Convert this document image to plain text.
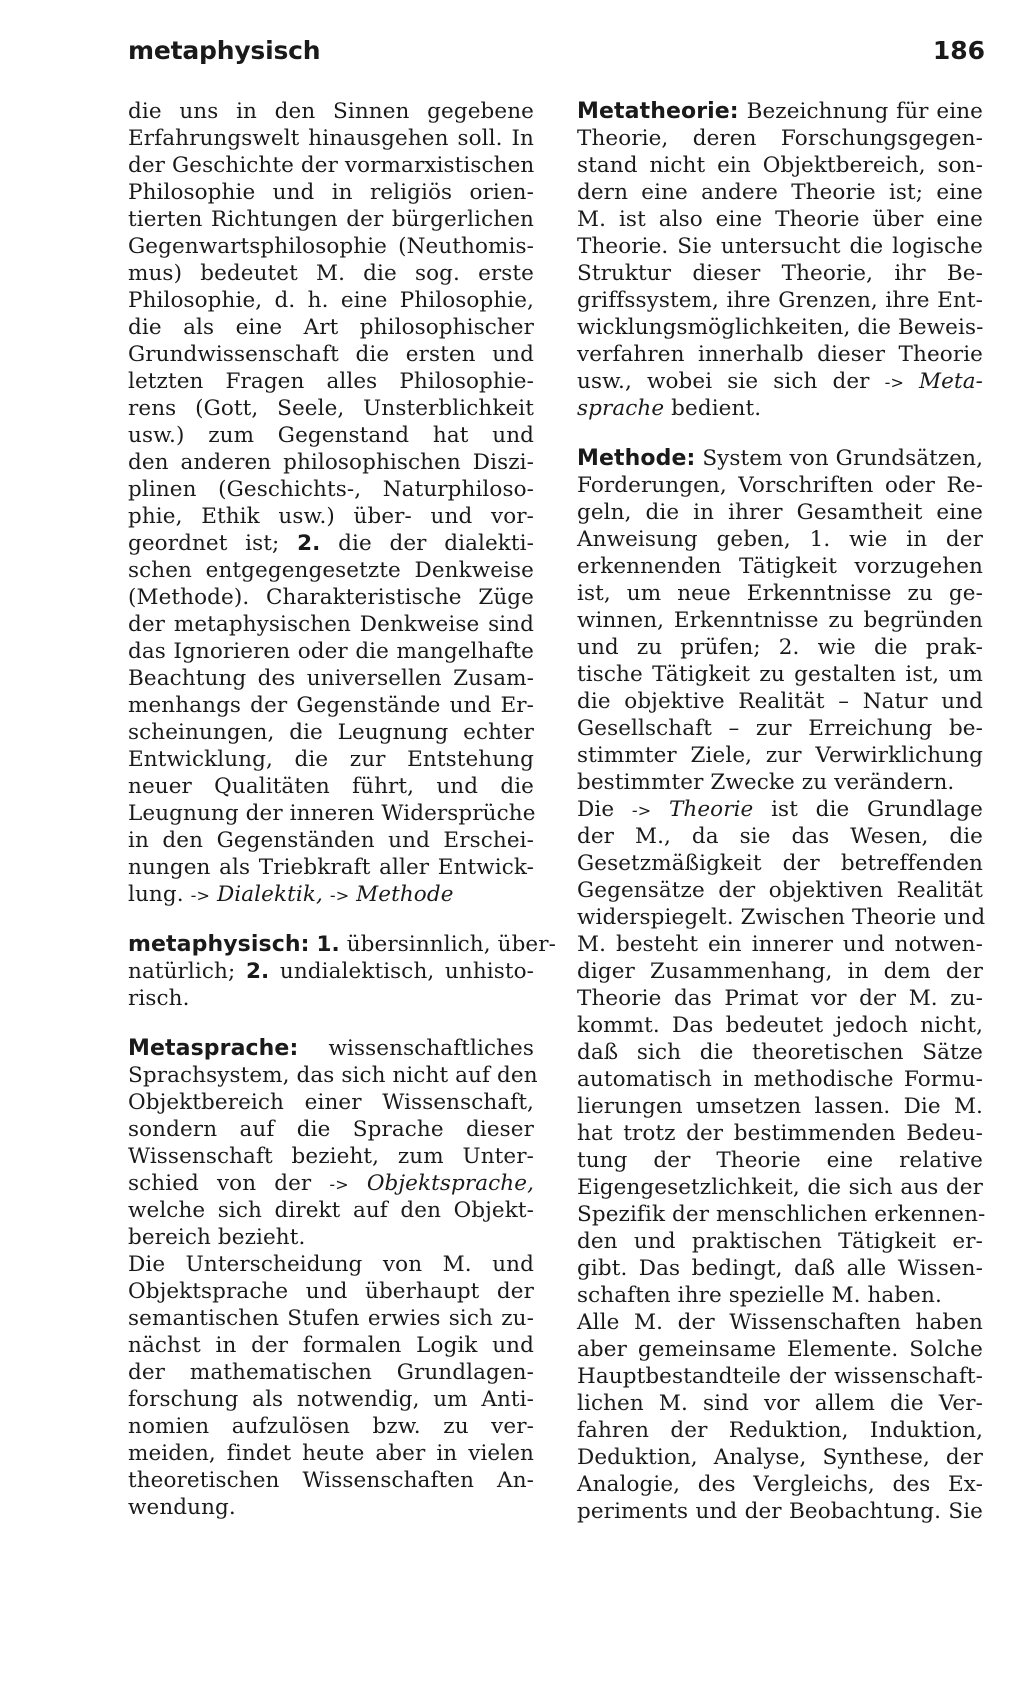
metaphysisch	186
die uns in den Sinnen gegebene
Erfahrungswelt hinausgehen soll. In
der Geschichte der vormarxistischen
Philosophie und in religiös orien-
tierten Richtungen der bürgerlichen
Gegenwartsphilosophie (Neuthomis-
mus) bedeutet M. die sog. erste
Philosophie, d. h. eine Philosophie,
die als eine Art philosophischer
Grundwissenschaft die ersten und
letzten Fragen alles Philosophie-
rens (Gott, Seele, Unsterblichkeit
usw.) zum Gegenstand hat und
den anderen philosophischen Diszi-
plinen (Geschichts-, Naturphiloso-
phie, Ethik usw.) über- und vor-
geordnet ist; 2. die der dialekti-
schen entgegengesetzte Denkweise
(Methode). Charakteristische Züge
der metaphysischen Denkweise sind
das Ignorieren oder die mangelhafte
Beachtung des universellen Zusam-
menhangs der Gegenstände und Er-
scheinungen, die Leugnung echter
Entwicklung, die zur Entstehung
neuer Qualitäten führt, und die
Leugnung der inneren Widersprüche
in den Gegenständen und Erschei-
nungen als Triebkraft aller Entwick-
lung. -> Dialektik, -> Methode
metaphysisch: 1. übersinnlich, über-
natürlich; 2. undialektisch, unhisto-
risch.
Metasprache: wissenschaftliches
Sprachsystem, das sich nicht auf den
Objektbereich einer Wissenschaft,
sondern auf die Sprache dieser
Wissenschaft bezieht, zum Unter-
schied von der -> Objektsprache,
welche sich direkt auf den Objekt-
bereich bezieht.
Die Unterscheidung von M. und
Objektsprache und überhaupt der
semantischen Stufen erwies sich zu-
nächst in der formalen Logik und
der mathematischen Grundlagen-
forschung als notwendig, um Anti-
nomien aufzulösen bzw. zu ver-
meiden, findet heute aber in vielen
theoretischen Wissenschaften An-
wendung.
Metatheorie: Bezeichnung für eine
Theorie, deren Forschungsgegen-
stand nicht ein Objektbereich, son-
dern eine andere Theorie ist; eine
M. ist also eine Theorie über eine
Theorie. Sie untersucht die logische
Struktur dieser Theorie, ihr Be-
griffssystem, ihre Grenzen, ihre Ent-
wicklungsmöglichkeiten, die Beweis-
verfahren innerhalb dieser Theorie
usw., wobei sie sich der -> Meta-
sprache bedient.
Methode: System von Grundsätzen,
Forderungen, Vorschriften oder Re-
geln, die in ihrer Gesamtheit eine
Anweisung geben, 1. wie in der
erkennenden Tätigkeit vorzugehen
ist, um neue Erkenntnisse zu ge-
winnen, Erkenntnisse zu begründen
und zu prüfen; 2. wie die prak-
tische Tätigkeit zu gestalten ist, um
die objektive Realität – Natur und
Gesellschaft – zur Erreichung be-
stimmter Ziele, zur Verwirklichung
bestimmter Zwecke zu verändern.
Die -> Theorie ist die Grundlage
der M., da sie das Wesen, die
Gesetzmäßigkeit der betreffenden
Gegensätze der objektiven Realität
widerspiegelt. Zwischen Theorie und
M. besteht ein innerer und notwen-
diger Zusammenhang, in dem der
Theorie das Primat vor der M. zu-
kommt. Das bedeutet jedoch nicht,
daß sich die theoretischen Sätze
automatisch in methodische Formu-
lierungen umsetzen lassen. Die M.
hat trotz der bestimmenden Bedeu-
tung der Theorie eine relative
Eigengesetzlichkeit, die sich aus der
Spezifik der menschlichen erkennen-
den und praktischen Tätigkeit er-
gibt. Das bedingt, daß alle Wissen-
schaften ihre spezielle M. haben.
Alle M. der Wissenschaften haben
aber gemeinsame Elemente. Solche
Hauptbestandteile der wissenschaft-
lichen M. sind vor allem die Ver-
fahren der Reduktion, Induktion,
Deduktion, Analyse, Synthese, der
Analogie, des Vergleichs, des Ex-
periments und der Beobachtung. Sie
